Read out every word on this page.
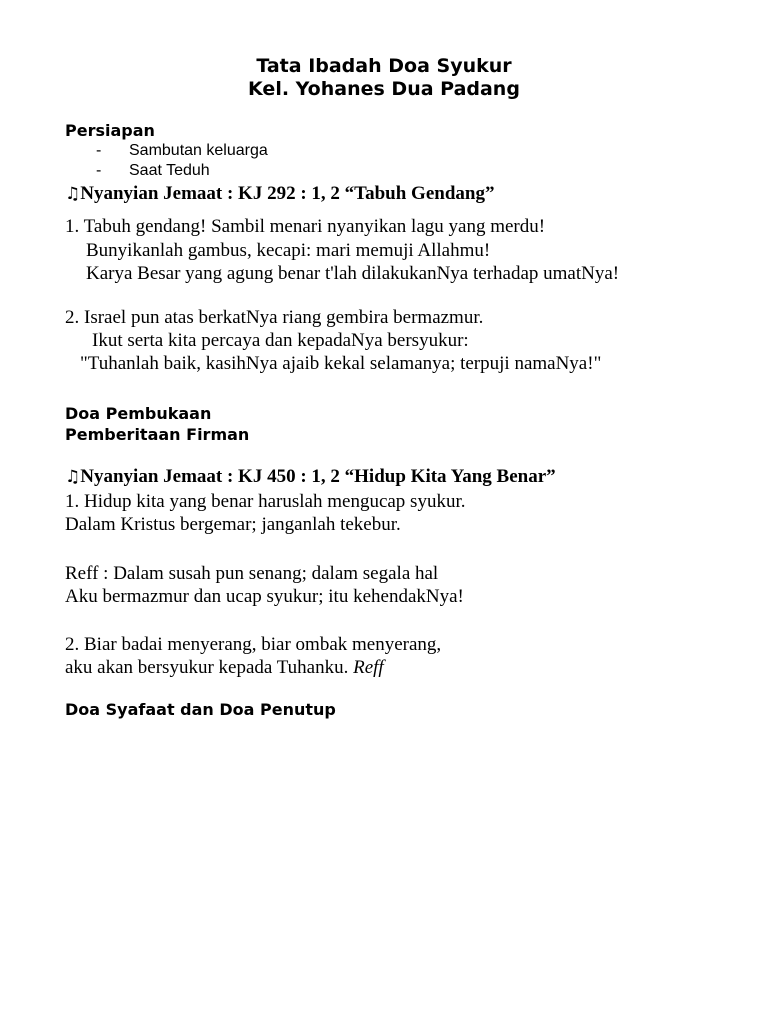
Tata Ibadah Doa Syukur
Kel. Yohanes Dua Padang
Persiapan
- Sambutan keluarga
- Saat Teduh
♫Nyanyian Jemaat : KJ 292 : 1, 2 “Tabuh Gendang”
1. Tabuh gendang! Sambil menari nyanyikan lagu yang merdu!
Bunyikanlah gambus, kecapi: mari memuji Allahmu!
Karya Besar yang agung benar t'lah dilakukanNya terhadap umatNya!
2. Israel pun atas berkatNya riang gembira bermazmur.
Ikut serta kita percaya dan kepadaNya bersyukur:
"Tuhanlah baik, kasihNya ajaib kekal selamanya; terpuji namaNya!"
Doa Pembukaan
Pemberitaan Firman
♫Nyanyian Jemaat : KJ 450 : 1, 2 “Hidup Kita Yang Benar”
1. Hidup kita yang benar haruslah mengucap syukur.
Dalam Kristus bergemar; janganlah tekebur.
Reff : Dalam susah pun senang; dalam segala hal
Aku bermazmur dan ucap syukur; itu kehendakNya!
2. Biar badai menyerang, biar ombak menyerang,
aku akan bersyukur kepada Tuhanku. Reff
Doa Syafaat dan Doa Penutup
